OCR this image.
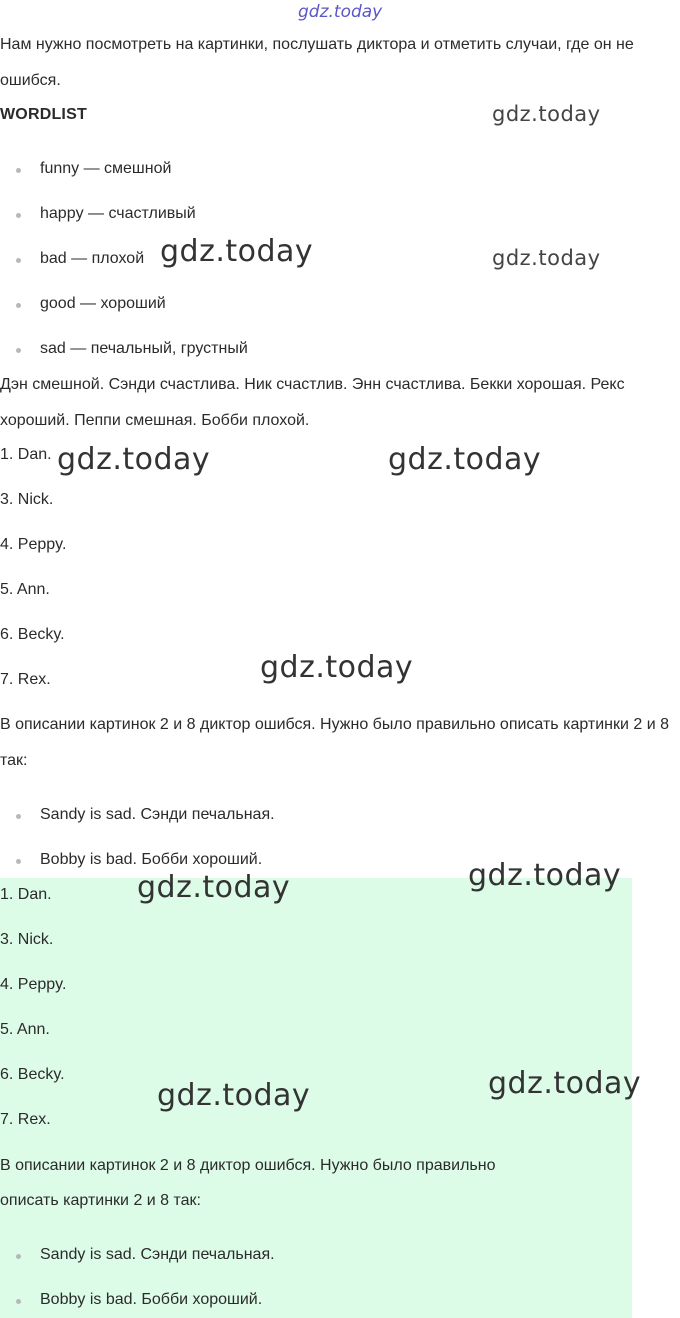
gdz.today

Нам нужно посмотреть на картинки, послушать диктора и отметить случаи, где он не ошибся.

WORDLIST
funny — смешной
happy — счастливый
bad — плохой
good — хороший
sad — печальный, грустный

Дэн смешной. Сэнди счастлива. Ник счастлив. Энн счастлива. Бекки хорошая. Рекс хороший. Пеппи смешная. Бобби плохой.

1. Dan.
3. Nick.
4. Peppy.
5. Ann.
6. Becky.
7. Rex.

В описании картинок 2 и 8 диктор ошибся. Нужно было правильно описать картинки 2 и 8 так:

Sandy is sad. Сэнди печальная.
Bobby is bad. Бобби хороший.
1. Dan.
3. Nick.
4. Peppy.
5. Ann.
6. Becky.
7. Rex.
В описании картинок 2 и 8 диктор ошибся. Нужно было правильно
описать картинки 2 и 8 так:
Sandy is sad. Сэнди печальная.
Bobby is bad. Бобби хороший.
gdz.today
gdz.today	gdz.today
gdz.today	gdz.today
gdz.today
gdz.today
gdz.today
gdz.today
gdz.today
